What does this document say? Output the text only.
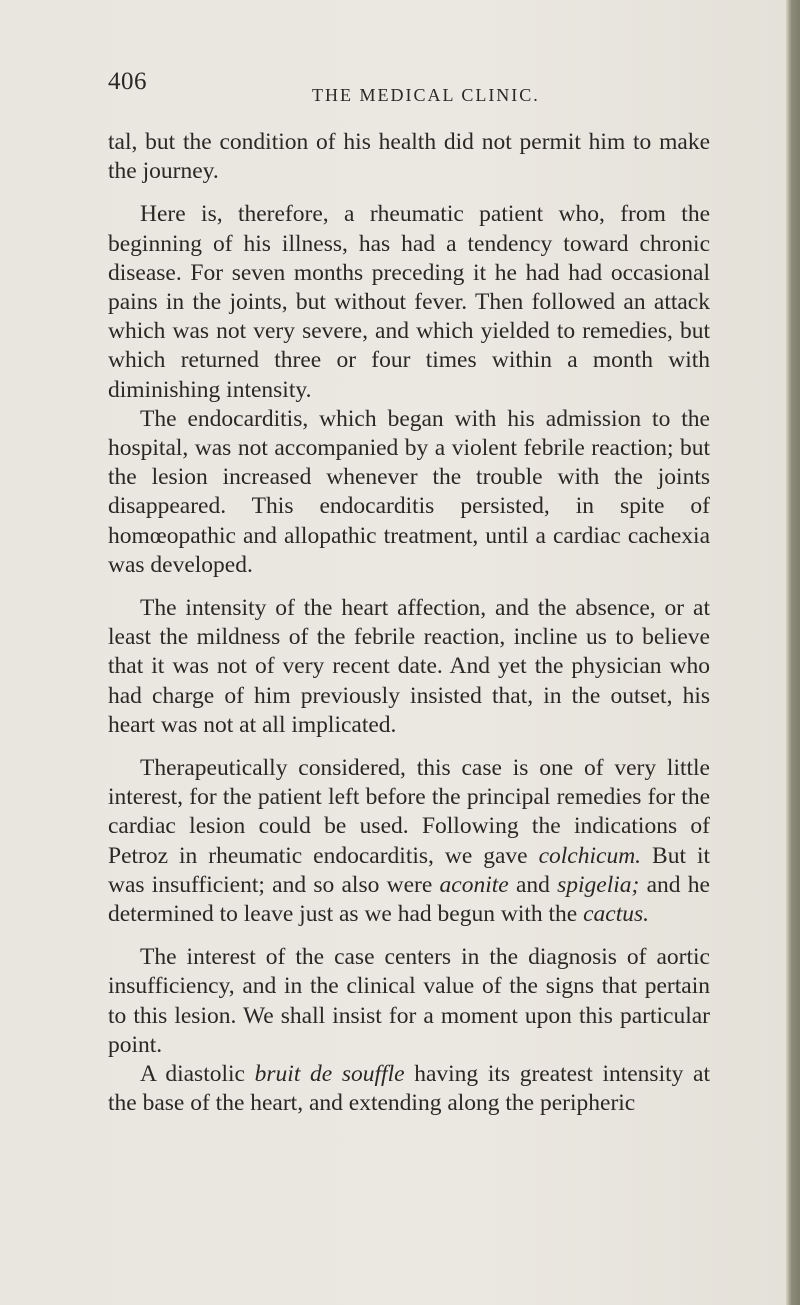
406	THE MEDICAL CLINIC.

tal, but the condition of his health did not permit him to make the journey.

Here is, therefore, a rheumatic patient who, from the beginning of his illness, has had a tendency toward chronic disease. For seven months preceding it he had had occasional pains in the joints, but without fever. Then followed an attack which was not very severe, and which yielded to remedies, but which returned three or four times within a month with diminishing intensity.

The endocarditis, which began with his admission to the hospital, was not accompanied by a violent febrile reaction; but the lesion increased whenever the trouble with the joints disappeared. This endocarditis persisted, in spite of homœopathic and allopathic treatment, until a cardiac cachexia was developed.

The intensity of the heart affection, and the absence, or at least the mildness of the febrile reaction, incline us to believe that it was not of very recent date. And yet the physician who had charge of him previously insisted that, in the outset, his heart was not at all implicated.

Therapeutically considered, this case is one of very little interest, for the patient left before the principal remedies for the cardiac lesion could be used. Following the indications of Petroz in rheumatic endocarditis, we gave colchicum. But it was insufficient; and so also were aconite and spigelia; and he determined to leave just as we had begun with the cactus.

The interest of the case centers in the diagnosis of aortic insufficiency, and in the clinical value of the signs that pertain to this lesion. We shall insist for a moment upon this particular point.

A diastolic bruit de souffle having its greatest intensity at the base of the heart, and extending along the peripheric
